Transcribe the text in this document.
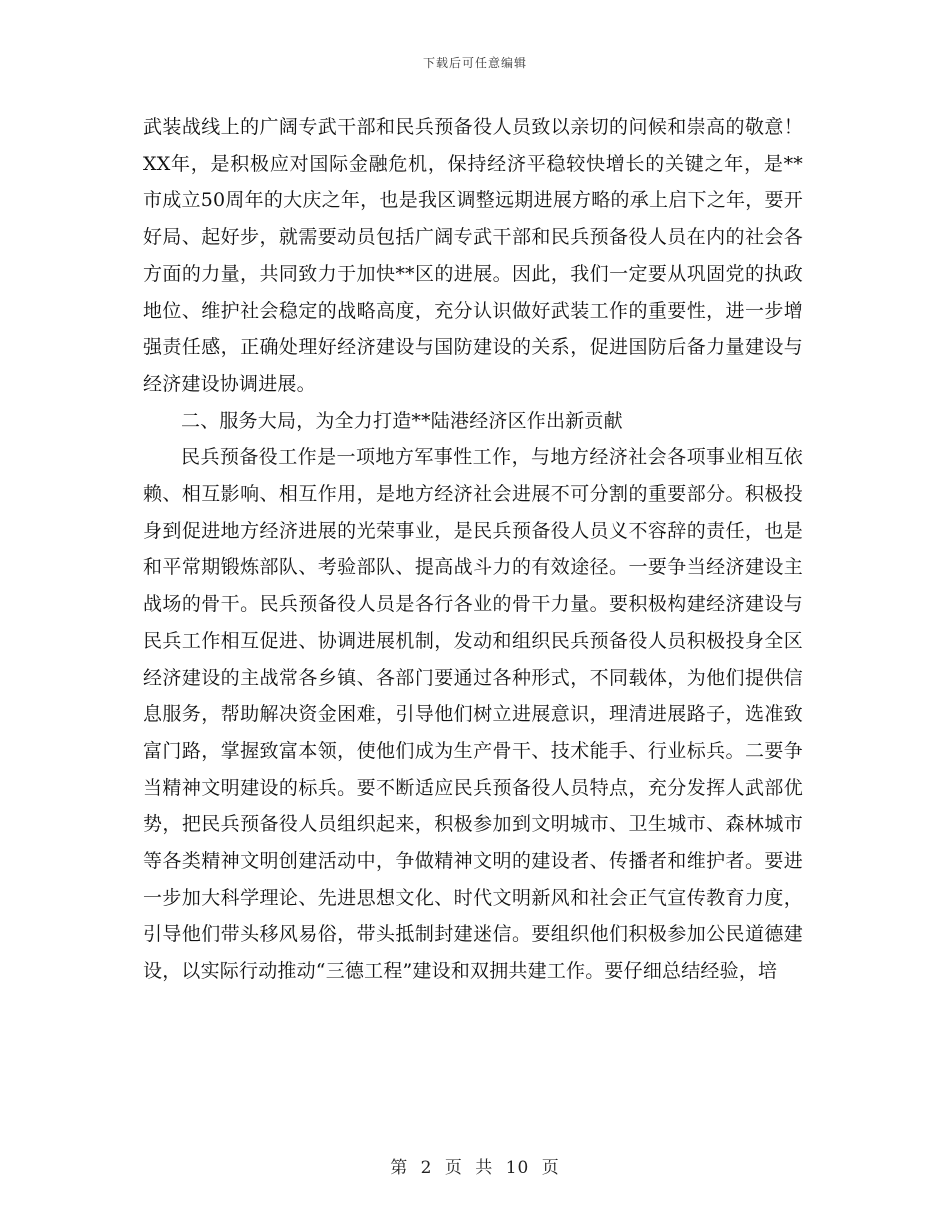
下载后可任意编辑

武装战线上的广阔专武干部和民兵预备役人员致以亲切的问候和崇高的敬意！XX年，是积极应对国际金融危机，保持经济平稳较快增长的关键之年，是**市成立50周年的大庆之年，也是我区调整远期进展方略的承上启下之年，要开好局、起好步，就需要动员包括广阔专武干部和民兵预备役人员在内的社会各方面的力量，共同致力于加快**区的进展。因此，我们一定要从巩固党的执政地位、维护社会稳定的战略高度，充分认识做好武装工作的重要性，进一步增强责任感，正确处理好经济建设与国防建设的关系，促进国防后备力量建设与经济建设协调进展。

二、服务大局，为全力打造**陆港经济区作出新贡献

民兵预备役工作是一项地方军事性工作，与地方经济社会各项事业相互依赖、相互影响、相互作用，是地方经济社会进展不可分割的重要部分。积极投身到促进地方经济进展的光荣事业，是民兵预备役人员义不容辞的责任，也是和平常期锻炼部队、考验部队、提高战斗力的有效途径。一要争当经济建设主战场的骨干。民兵预备役人员是各行各业的骨干力量。要积极构建经济建设与民兵工作相互促进、协调进展机制，发动和组织民兵预备役人员积极投身全区经济建设的主战常各乡镇、各部门要通过各种形式，不同载体，为他们提供信息服务，帮助解决资金困难，引导他们树立进展意识，理清进展路子，选准致富门路，掌握致富本领，使他们成为生产骨干、技术能手、行业标兵。二要争当精神文明建设的标兵。要不断适应民兵预备役人员特点，充分发挥人武部优势，把民兵预备役人员组织起来，积极参加到文明城市、卫生城市、森林城市等各类精神文明创建活动中，争做精神文明的建设者、传播者和维护者。要进一步加大科学理论、先进思想文化、时代文明新风和社会正气宣传教育力度，引导他们带头移风易俗，带头抵制封建迷信。要组织他们积极参加公民道德建设，以实际行动推动“三德工程”建设和双拥共建工作。要仔细总结经验，培

第 2 页 共 10 页
